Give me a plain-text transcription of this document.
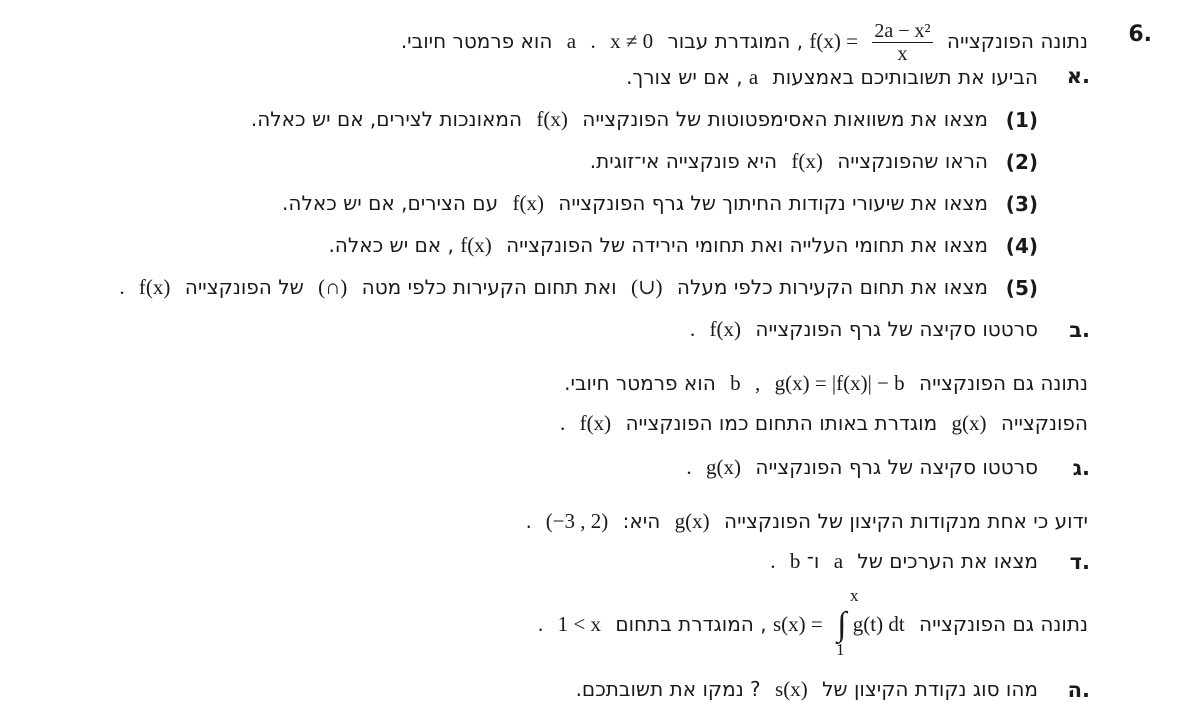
6.
נתונה הפונקצייה
$\frac{\text{2a − x²}}{x}$
f(x) = , המוגדרת עבור x ≠ 0 . a הוא פרמטר חיובי.
א.
הביעו את תשובותיכם באמצעות a , אם יש צורך.
(1)
מצאו את משוואות האסימפטוטות של הפונקצייה f(x) המאונכות לצירים, אם יש כאלה.
(2)
הראו שהפונקצייה f(x) היא פונקצייה אי־זוגית.
(3)
מצאו את שיעורי נקודות החיתוך של גרף הפונקצייה f(x) עם הצירים, אם יש כאלה.
(4)
מצאו את תחומי העלייה ואת תחומי הירידה של הפונקצייה f(x) , אם יש כאלה.
(5)
מצאו את תחום הקעירות כלפי מעלה (∪) ואת תחום הקעירות כלפי מטה (∩) של הפונקצייה f(x) .
ב.
סרטטו סקיצה של גרף הפונקצייה f(x) .
נתונה גם הפונקצייה g(x) = |f(x)| − b , b הוא פרמטר חיובי.
הפונקצייה g(x) מוגדרת באותו התחום כמו הפונקצייה f(x) .
ג.
סרטטו סקיצה של גרף הפונקצייה g(x) .
ידוע כי אחת מנקודות הקיצון של הפונקצייה g(x) היא: (−3 , 2) .
ד.
מצאו את הערכים של a ו־ b .
נתונה גם הפונקצייה g(t) dt ∫ s(x) = , המוגדרת בתחום 1 < x .
x
1
ה.
מהו סוג נקודת הקיצון של s(x) ? נמקו את תשובתכם.
